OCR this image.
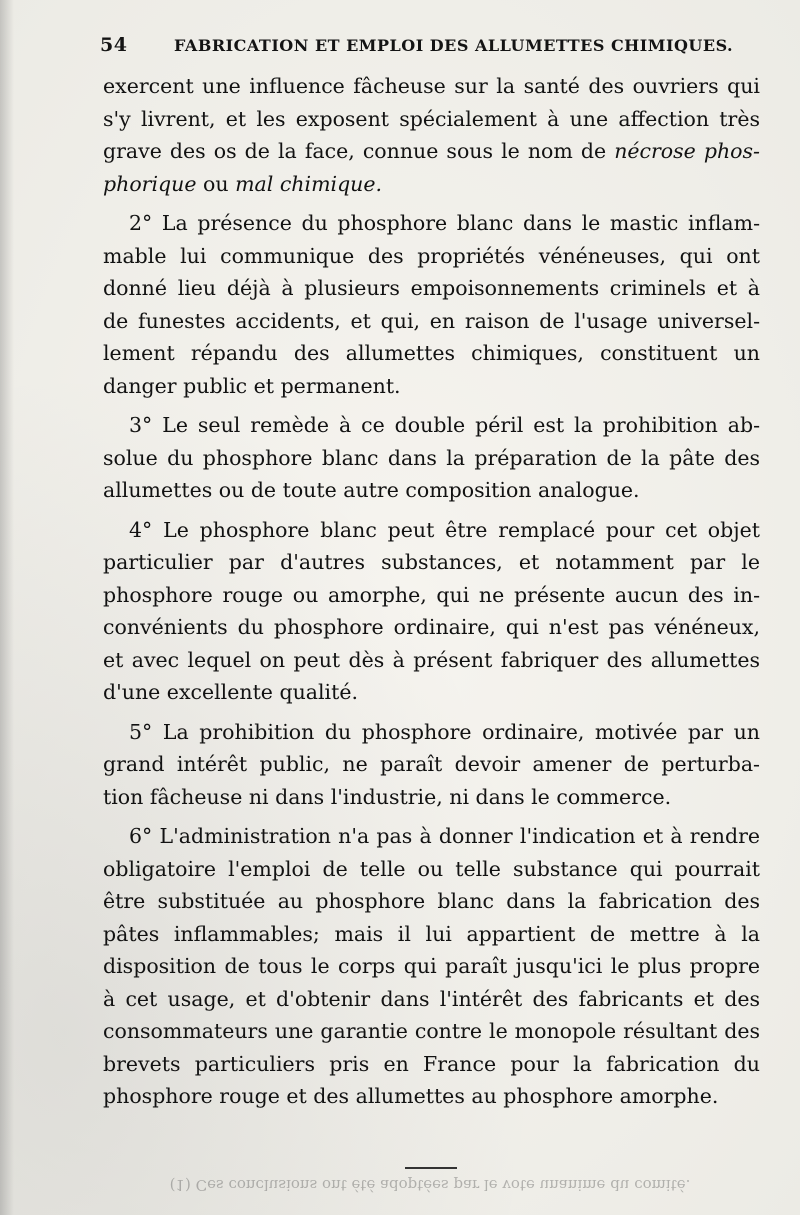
54	FABRICATION ET EMPLOI DES ALLUMETTES CHIMIQUES.
exercent une influence fâcheuse sur la santé des ouvriers qui
s'y livrent, et les exposent spécialement à une affection très
grave des os de la face, connue sous le nom de nécrose phos-
phorique ou mal chimique.
2° La présence du phosphore blanc dans le mastic inflam-
mable lui communique des propriétés vénéneuses, qui ont
donné lieu déjà à plusieurs empoisonnements criminels et à
de funestes accidents, et qui, en raison de l'usage universel-
lement répandu des allumettes chimiques, constituent un
danger public et permanent.
3° Le seul remède à ce double péril est la prohibition ab-
solue du phosphore blanc dans la préparation de la pâte des
allumettes ou de toute autre composition analogue.
4° Le phosphore blanc peut être remplacé pour cet objet
particulier par d'autres substances, et notamment par le
phosphore rouge ou amorphe, qui ne présente aucun des in-
convénients du phosphore ordinaire, qui n'est pas vénéneux,
et avec lequel on peut dès à présent fabriquer des allumettes
d'une excellente qualité.
5° La prohibition du phosphore ordinaire, motivée par un
grand intérêt public, ne paraît devoir amener de perturba-
tion fâcheuse ni dans l'industrie, ni dans le commerce.
6° L'administration n'a pas à donner l'indication et à rendre
obligatoire l'emploi de telle ou telle substance qui pourrait
être substituée au phosphore blanc dans la fabrication des
pâtes inflammables; mais il lui appartient de mettre à la
disposition de tous le corps qui paraît jusqu'ici le plus propre
à cet usage, et d'obtenir dans l'intérêt des fabricants et des
consommateurs une garantie contre le monopole résultant des
brevets particuliers pris en France pour la fabrication du
phosphore rouge et des allumettes au phosphore amorphe.
(1) Ces conclusions ont été adoptées par le vote unanime du comité.
